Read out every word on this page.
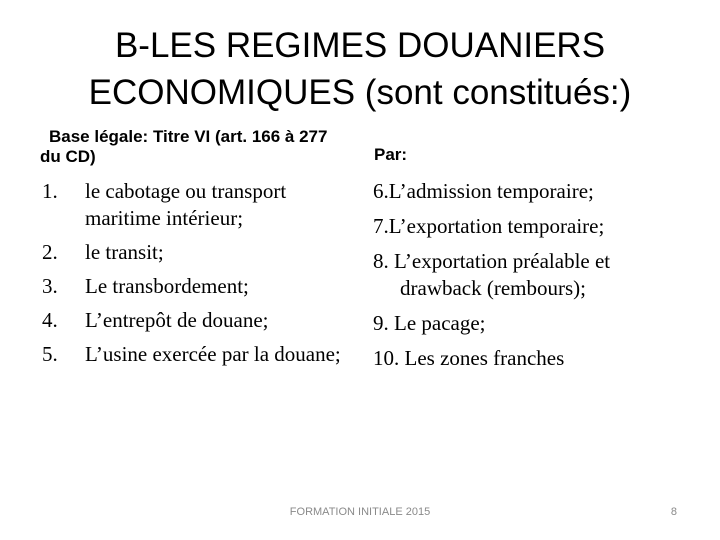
B-LES REGIMES DOUANIERS
ECONOMIQUES (sont constitués:)
Base légale: Titre VI (art. 166 à 277 du CD)	Par:
1. le cabotage ou transport maritime intérieur;
2. le transit;
3. Le transbordement;
4. L’entrepôt de douane;
5. L’usine exercée par la douane;
6.L’admission temporaire;
7.L’exportation temporaire;
8. L’exportation préalable et
drawback (rembours);
9. Le pacage;
10. Les zones franches
FORMATION INITIALE 2015	8
